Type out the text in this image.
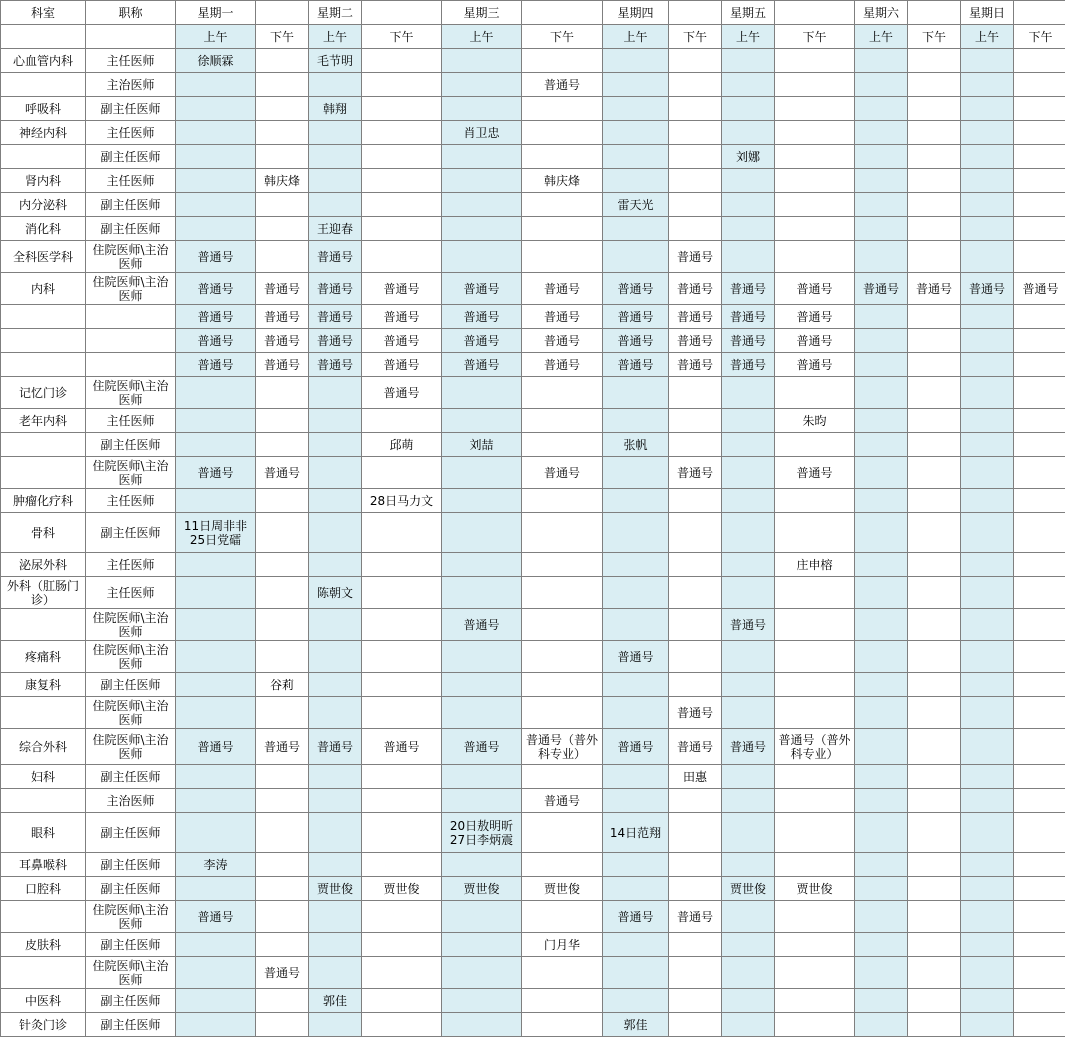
科室	职称	星期一		星期二		星期三		星期四		星期五		星期六		星期日	
		上午	下午	上午	下午	上午	下午	上午	下午	上午	下午	上午	下午	上午	下午
心血管内科	主任医师	徐顺霖		毛节明											
	主治医师						普通号								
呼吸科	副主任医师			韩翔											
神经内科	主任医师					肖卫忠									
	副主任医师									刘娜					
肾内科	主任医师		韩庆烽				韩庆烽								
内分泌科	副主任医师							雷天光							
消化科	副主任医师			王迎春											
全科医学科	住院医师\主治医师	普通号		普通号					普通号						
内科	住院医师\主治医师	普通号	普通号	普通号	普通号	普通号	普通号	普通号	普通号	普通号	普通号	普通号	普通号	普通号	普通号
		普通号	普通号	普通号	普通号	普通号	普通号	普通号	普通号	普通号	普通号				
		普通号	普通号	普通号	普通号	普通号	普通号	普通号	普通号	普通号	普通号				
		普通号	普通号	普通号	普通号	普通号	普通号	普通号	普通号	普通号	普通号				
记忆门诊	住院医师\主治医师				普通号										
老年内科	主任医师										朱昀				
	副主任医师				邱萌	刘喆		张帆							
	住院医师\主治医师	普通号	普通号				普通号		普通号		普通号				
肿瘤化疗科	主任医师				28日马力文										
骨科	副主任医师	11日周非非
25日党礌													
泌尿外科	主任医师										庄申榕				
外科（肛肠门诊）	主任医师			陈朝文											
	住院医师\主治医师					普通号				普通号					
疼痛科	住院医师\主治医师							普通号							
康复科	副主任医师		谷莉												
	住院医师\主治医师								普通号						
综合外科	住院医师\主治医师	普通号	普通号	普通号	普通号	普通号	普通号（普外科专业）	普通号	普通号	普通号	普通号（普外科专业）				
妇科	副主任医师								田惠						
	主治医师						普通号								
眼科	副主任医师					20日敖明昕
27日李炳震		14日范翔							
耳鼻喉科	副主任医师	李涛													
口腔科	副主任医师			贾世俊	贾世俊	贾世俊	贾世俊			贾世俊	贾世俊				
	住院医师\主治医师	普通号						普通号	普通号						
皮肤科	副主任医师						门月华								
	住院医师\主治医师		普通号												
中医科	副主任医师			郭佳											
针灸门诊	副主任医师							郭佳							
